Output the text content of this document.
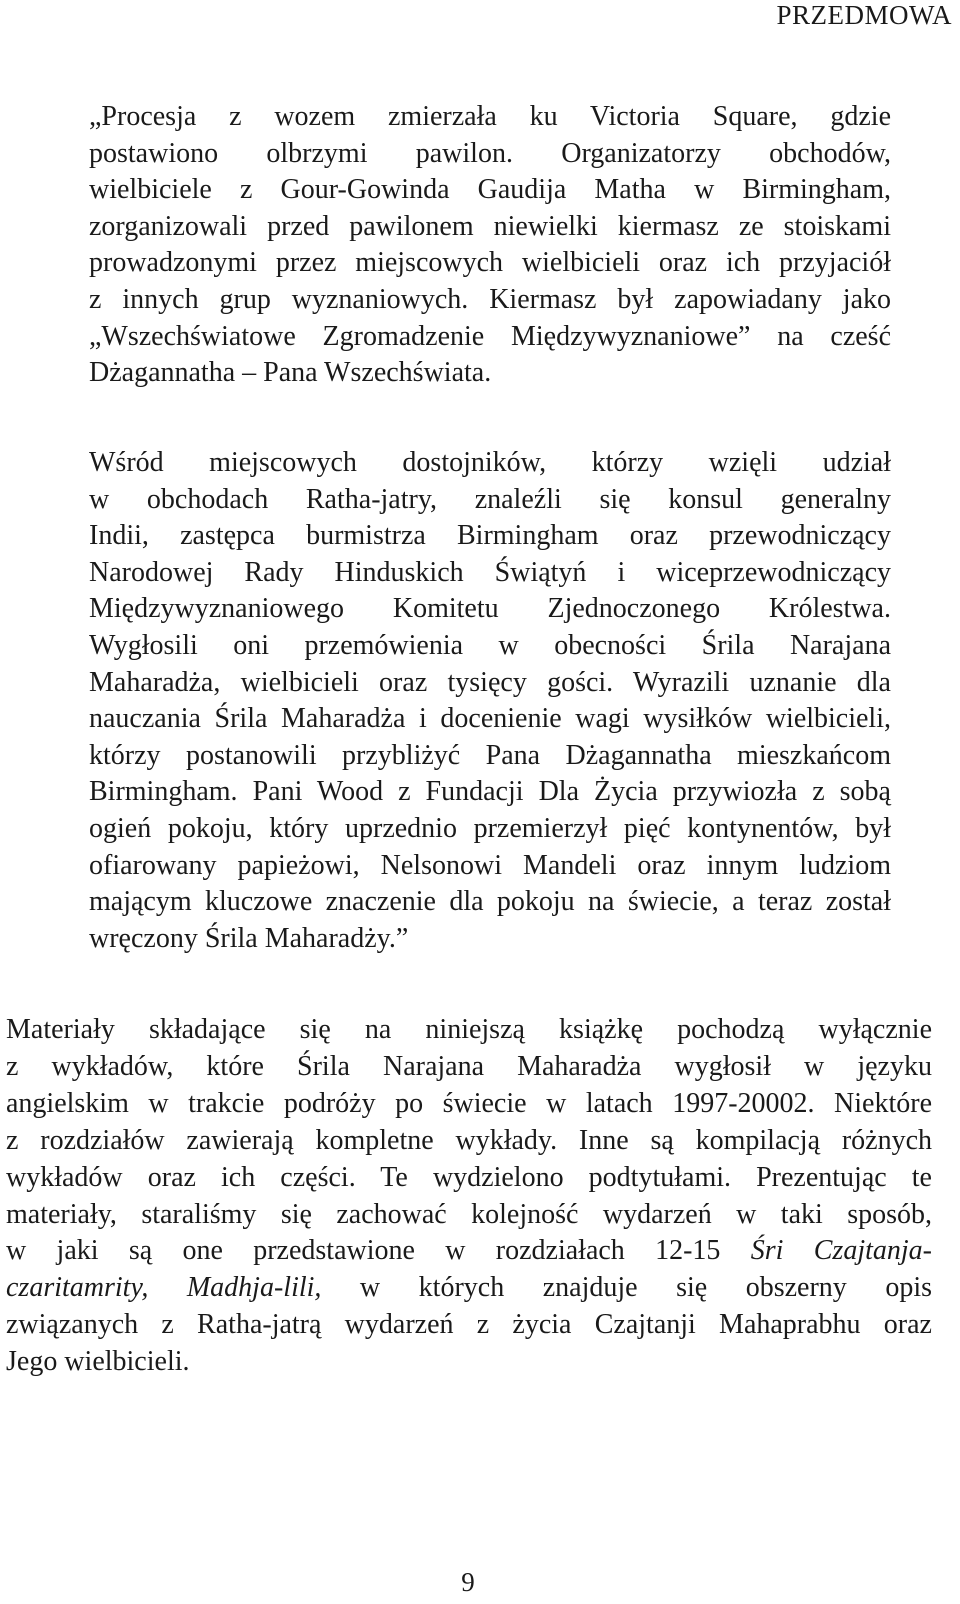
PRZEDMOWA

„Procesja z wozem zmierzała ku Victoria Square, gdzie
postawiono olbrzymi pawilon. Organizatorzy obchodów,
wielbiciele z Gour-Gowinda Gaudija Matha w Birmingham,
zorganizowali przed pawilonem niewielki kiermasz ze stoiskami
prowadzonymi przez miejscowych wielbicieli oraz ich przyjaciół
z innych grup wyznaniowych. Kiermasz był zapowiadany jako
„Wszechświatowe Zgromadzenie Międzywyznaniowe” na cześć
Dżagannatha – Pana Wszechświata.

Wśród miejscowych dostojników, którzy wzięli udział
w obchodach Ratha-jatry, znaleźli się konsul generalny
Indii, zastępca burmistrza Birmingham oraz przewodniczący
Narodowej Rady Hinduskich Świątyń i wiceprzewodniczący
Międzywyznaniowego Komitetu Zjednoczonego Królestwa.
Wygłosili oni przemówienia w obecności Śrila Narajana
Maharadża, wielbicieli oraz tysięcy gości. Wyrazili uznanie dla
nauczania Śrila Maharadża i docenienie wagi wysiłków wielbicieli,
którzy postanowili przybliżyć Pana Dżagannatha mieszkańcom
Birmingham. Pani Wood z Fundacji Dla Życia przywiozła z sobą
ogień pokoju, który uprzednio przemierzył pięć kontynentów, był
ofiarowany papieżowi, Nelsonowi Mandeli oraz innym ludziom
mającym kluczowe znaczenie dla pokoju na świecie, a teraz został
wręczony Śrila Maharadży.”

Materiały składające się na niniejszą książkę pochodzą wyłącznie
z wykładów, które Śrila Narajana Maharadża wygłosił w języku
angielskim w trakcie podróży po świecie w latach 1997-20002. Niektóre
z rozdziałów zawierają kompletne wykłady. Inne są kompilacją różnych
wykładów oraz ich części. Te wydzielono podtytułami. Prezentując te
materiały, staraliśmy się zachować kolejność wydarzeń w taki sposób,
w jaki są one przedstawione w rozdziałach 12-15 Śri Czajtanja-
czaritamrity, Madhja-lili, w których znajduje się obszerny opis
związanych z Ratha-jatrą wydarzeń z życia Czajtanji Mahaprabhu oraz
Jego wielbicieli.

9
